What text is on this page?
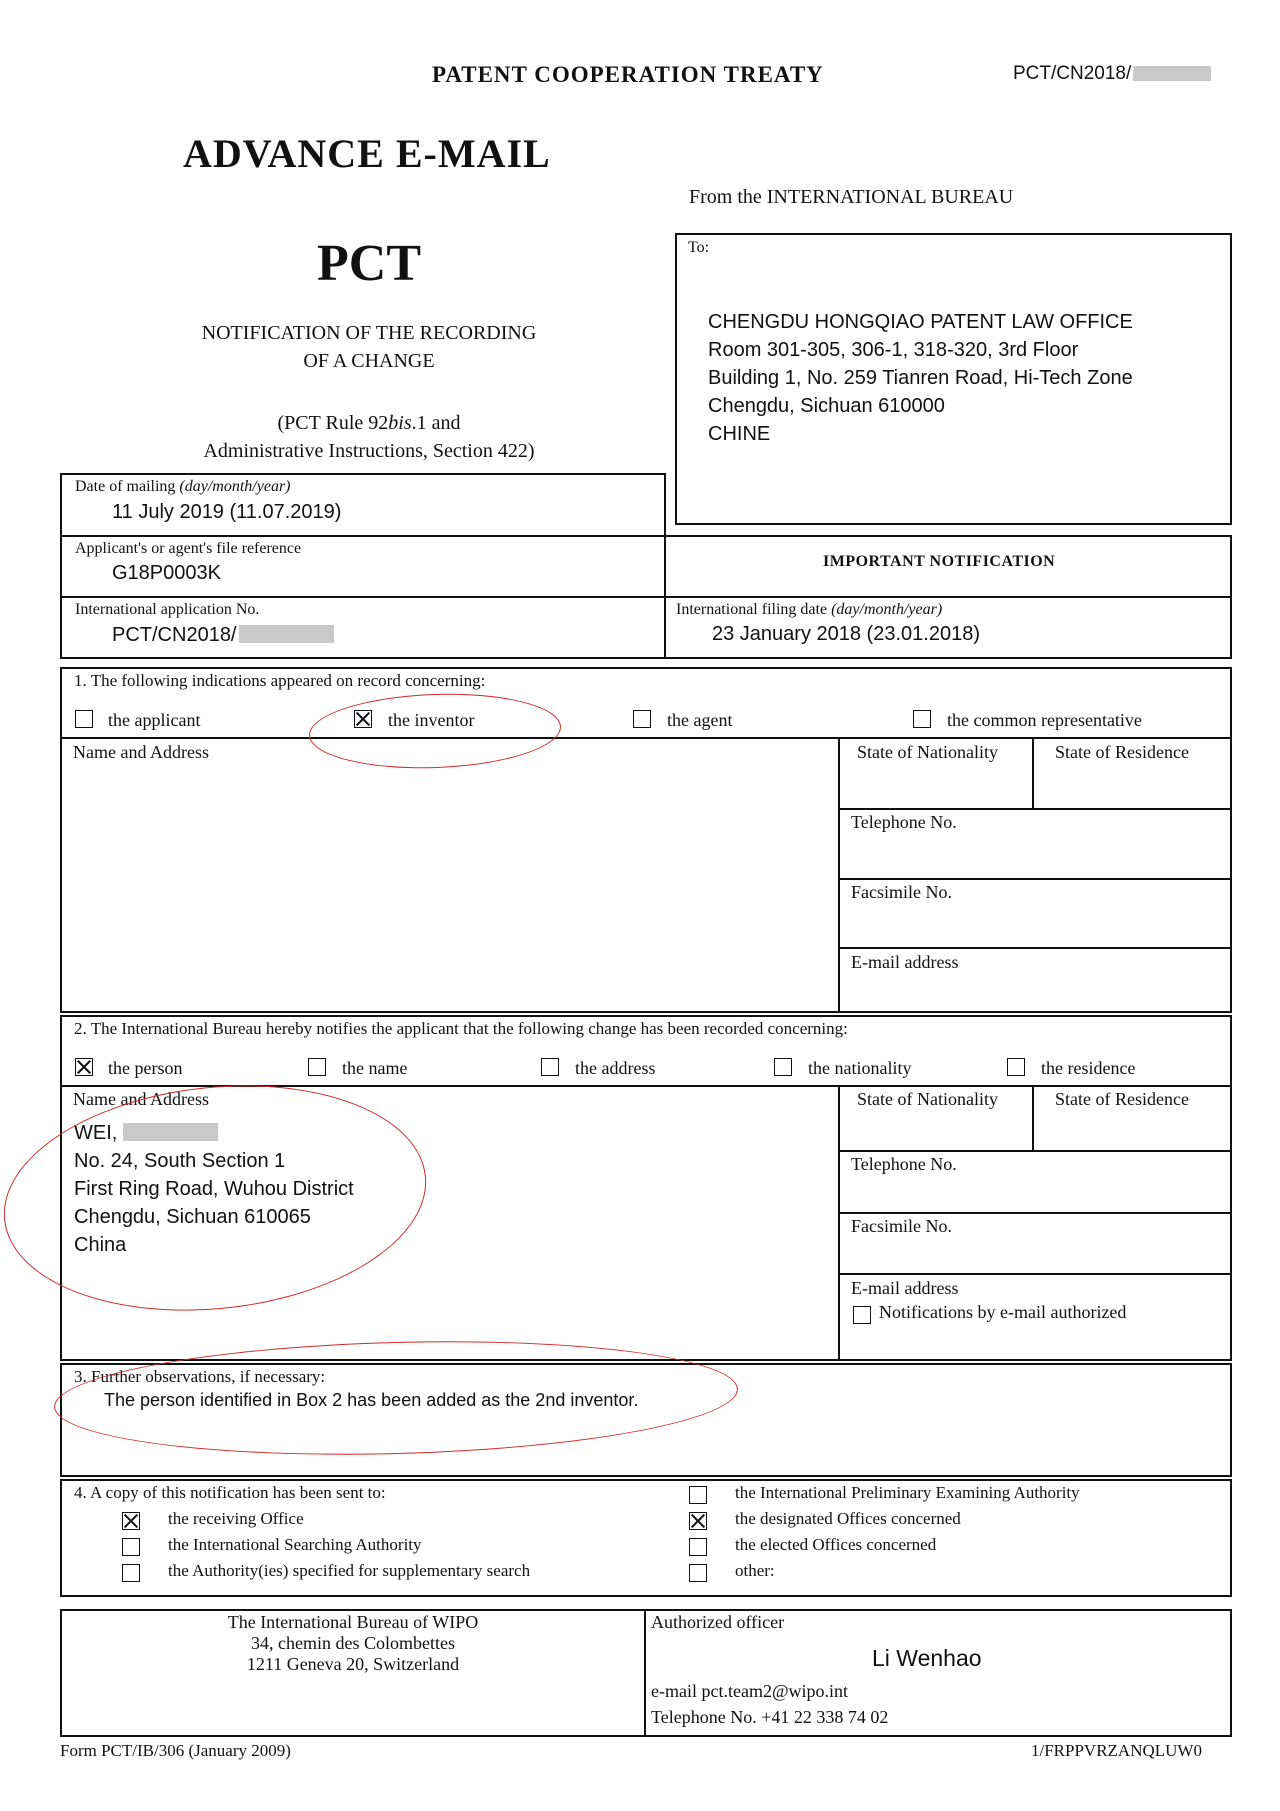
PATENT COOPERATION TREATY	PCT/CN2018/
ADVANCE E-MAIL
From the INTERNATIONAL BUREAU
PCT
NOTIFICATION OF THE RECORDING
OF A CHANGE
(PCT Rule 92bis.1 and
Administrative Instructions, Section 422)
To:
CHENGDU HONGQIAO PATENT LAW OFFICE
Room 301-305, 306-1, 318-320, 3rd Floor
Building 1, No. 259 Tianren Road, Hi-Tech Zone
Chengdu, Sichuan 610000
CHINE
Date of mailing (day/month/year)
11 July 2019 (11.07.2019)
Applicant's or agent's file reference
G18P0003K
IMPORTANT NOTIFICATION
International application No.
PCT/CN2018/
International filing date (day/month/year)
23 January 2018 (23.01.2018)
1. The following indications appeared on record concerning:
the applicant	the inventor	the agent	the common representative
Name and Address	State of Nationality	State of Residence
Telephone No.
Facsimile No.
E-mail address
2. The International Bureau hereby notifies the applicant that the following change has been recorded concerning:
the person	the name	the address	the nationality	the residence
Name and Address
WEI,
No. 24, South Section 1
First Ring Road, Wuhou District
Chengdu, Sichuan 610065
China
State of Nationality	State of Residence
Telephone No.
Facsimile No.
E-mail address
Notifications by e-mail authorized
3. Further observations, if necessary:
The person identified in Box 2 has been added as the 2nd inventor.
4. A copy of this notification has been sent to:
the receiving Office
the International Searching Authority
the Authority(ies) specified for supplementary search
the International Preliminary Examining Authority
the designated Offices concerned
the elected Offices concerned
other:
The International Bureau of WIPO
34, chemin des Colombettes
1211 Geneva 20, Switzerland
Authorized officer
Li Wenhao
e-mail pct.team2@wipo.int
Telephone No. +41 22 338 74 02
Form PCT/IB/306 (January 2009)	1/FRPPVRZANQLUW0
